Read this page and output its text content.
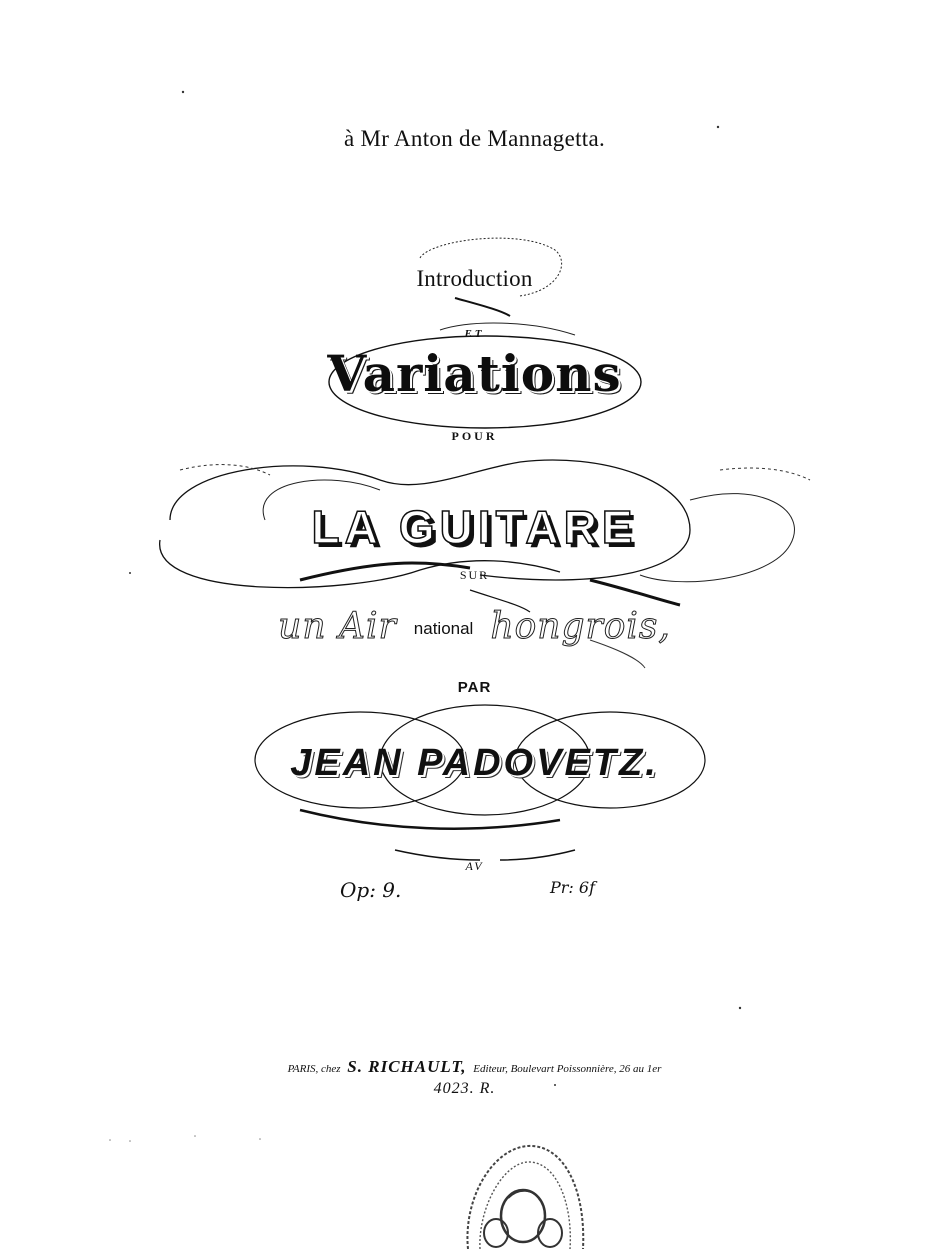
à Mr Anton de Mannagetta.
Introduction
ET
Variations
POUR
LA GUITARE
SUR
un Air national hongrois,
PAR
JEAN PADOVETZ.
AV
Op: 9.	Pr: 6f
PARIS, chez S. RICHAULT, Editeur, Boulevart Poissonnière, 26 au 1er
4023. R.
